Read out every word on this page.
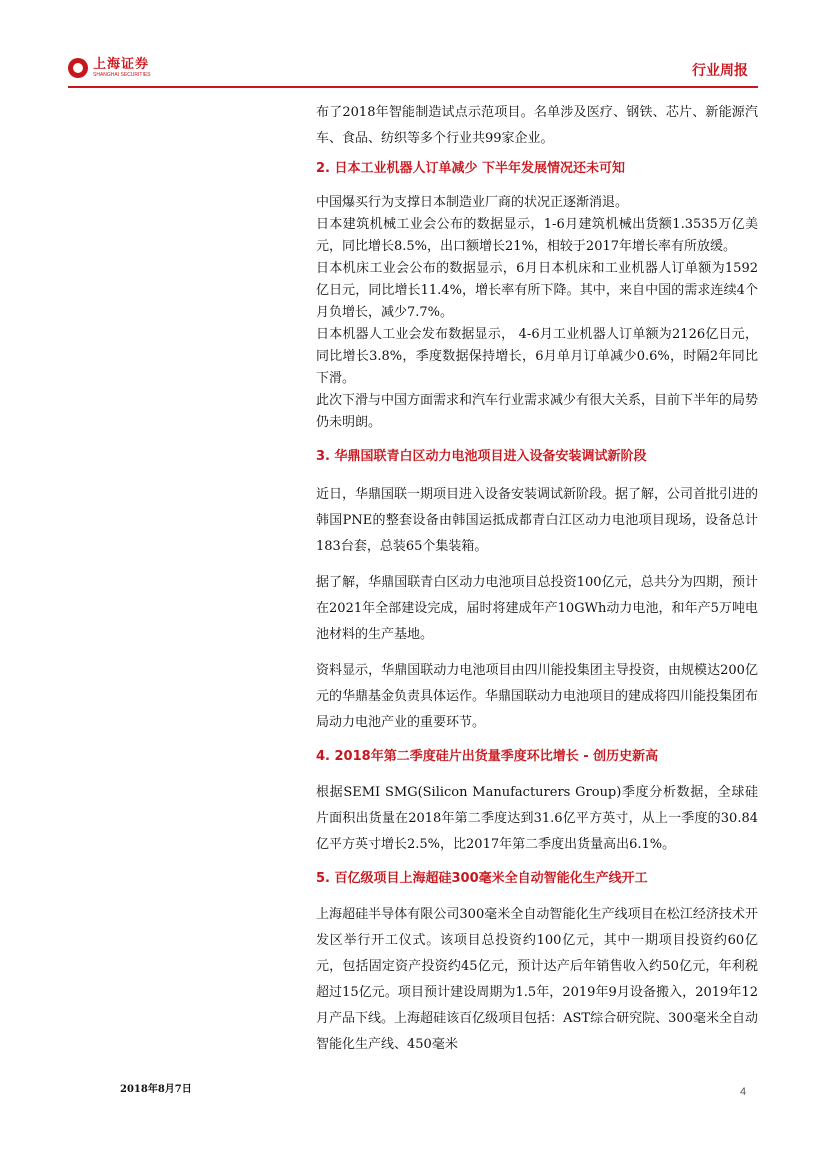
上海证券
SHANGHAI SECURITIES	行业周报

布了2018年智能制造试点示范项目。名单涉及医疗、钢铁、芯片、新能源汽车、食品、纺织等多个行业共99家企业。

2. 日本工业机器人订单减少 下半年发展情况还未可知

中国爆买行为支撑日本制造业厂商的状况正逐渐消退。

日本建筑机械工业会公布的数据显示，1-6月建筑机械出货额1.3535万亿美元，同比增长8.5%，出口额增长21%，相较于2017年增长率有所放缓。

日本机床工业会公布的数据显示，6月日本机床和工业机器人订单额为1592亿日元，同比增长11.4%，增长率有所下降。其中，来自中国的需求连续4个月负增长，减少7.7%。

日本机器人工业会发布数据显示， 4-6月工业机器人订单额为2126亿日元，同比增长3.8%，季度数据保持增长，6月单月订单减少0.6%，时隔2年同比下滑。

此次下滑与中国方面需求和汽车行业需求减少有很大关系，目前下半年的局势仍未明朗。

3. 华鼎国联青白区动力电池项目进入设备安装调试新阶段

近日，华鼎国联一期项目进入设备安装调试新阶段。据了解，公司首批引进的韩国PNE的整套设备由韩国运抵成都青白江区动力电池项目现场，设备总计183台套，总装65个集装箱。

据了解，华鼎国联青白区动力电池项目总投资100亿元，总共分为四期，预计在2021年全部建设完成，届时将建成年产10GWh动力电池，和年产5万吨电池材料的生产基地。

资料显示，华鼎国联动力电池项目由四川能投集团主导投资，由规模达200亿元的华鼎基金负责具体运作。华鼎国联动力电池项目的建成将四川能投集团布局动力电池产业的重要环节。

4. 2018年第二季度硅片出货量季度环比增长 - 创历史新高

根据SEMI SMG(Silicon Manufacturers Group)季度分析数据，全球硅片面积出货量在2018年第二季度达到31.6亿平方英寸，从上一季度的30.84亿平方英寸增长2.5%，比2017年第二季度出货量高出6.1%。

5. 百亿级项目上海超硅300毫米全自动智能化生产线开工

上海超硅半导体有限公司300毫米全自动智能化生产线项目在松江经济技术开发区举行开工仪式。该项目总投资约100亿元，其中一期项目投资约60亿元，包括固定资产投资约45亿元，预计达产后年销售收入约50亿元，年利税超过15亿元。项目预计建设周期为1.5年，2019年9月设备搬入，2019年12月产品下线。上海超硅该百亿级项目包括：AST综合研究院、300毫米全自动智能化生产线、450毫米

2018年8月7日	4
